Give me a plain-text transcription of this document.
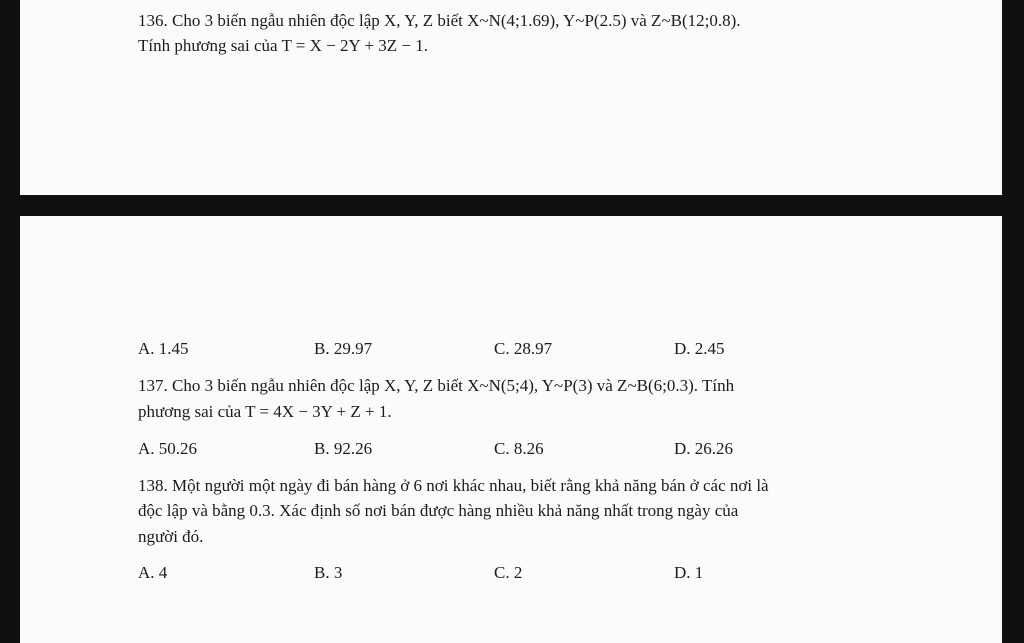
136. Cho 3 biến ngẫu nhiên độc lập X, Y, Z biết X~N(4;1.69), Y~P(2.5) và Z~B(12;0.8).
Tính phương sai của T = X − 2Y + 3Z − 1.
A. 1.45	B. 29.97	C. 28.97	D. 2.45
137. Cho 3 biến ngẫu nhiên độc lập X, Y, Z biết X~N(5;4), Y~P(3) và Z~B(6;0.3). Tính
phương sai của T = 4X − 3Y + Z + 1.
A. 50.26	B. 92.26	C. 8.26	D. 26.26
138. Một người một ngày đi bán hàng ở 6 nơi khác nhau, biết rằng khả năng bán ở các nơi là
độc lập và bằng 0.3. Xác định số nơi bán được hàng nhiều khả năng nhất trong ngày của
người đó.
A. 4	B. 3	C. 2	D. 1
